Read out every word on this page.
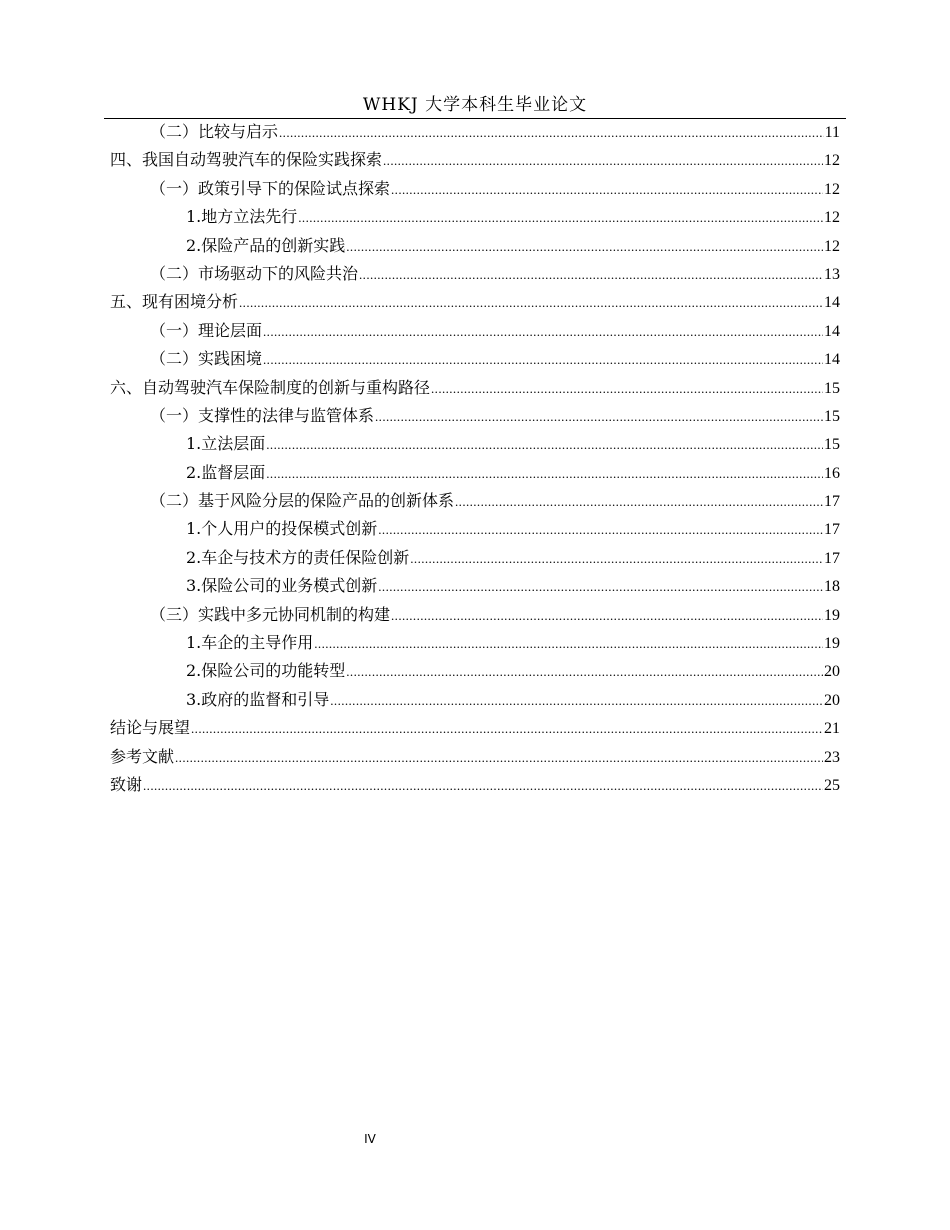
WHKJ 大学本科生毕业论文
（二）比较与启示 .....	11
四、我国自动驾驶汽车的保险实践探索 .....	12
（一）政策引导下的保险试点探索 .....	12
1.地方立法先行 .....	12
2.保险产品的创新实践 .....	12
（二）市场驱动下的风险共治 .....	13
五、现有困境分析 .....	14
（一）理论层面 .....	14
（二）实践困境 .....	14
六、自动驾驶汽车保险制度的创新与重构路径 .....	15
（一）支撑性的法律与监管体系 .....	15
1.立法层面 .....	15
2.监督层面 .....	16
（二）基于风险分层的保险产品的创新体系 .....	17
1.个人用户的投保模式创新 .....	17
2.车企与技术方的责任保险创新 .....	17
3.保险公司的业务模式创新 .....	18
（三）实践中多元协同机制的构建 .....	19
1.车企的主导作用 .....	19
2.保险公司的功能转型 .....	20
3.政府的监督和引导 .....	20
结论与展望 .....	21
参考文献 .....	23
致谢 .....	25
IV
